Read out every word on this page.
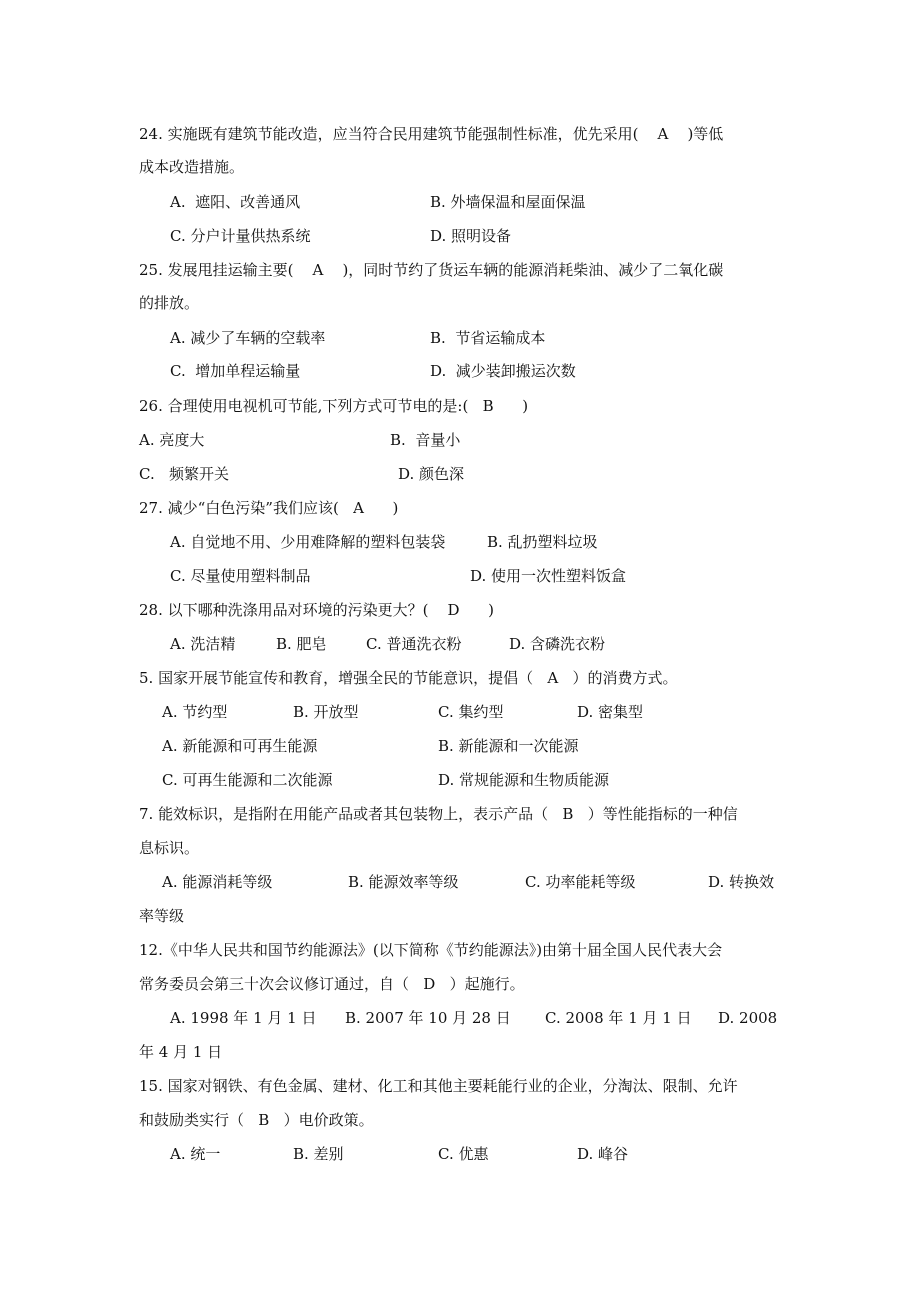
24. 实施既有建筑节能改造，应当符合民用建筑节能强制性标准，优先采用(    A    )等低
成本改造措施。
A.  遮阳、改善通风	B. 外墙保温和屋面保温
C. 分户计量供热系统	D. 照明设备
25. 发展甩挂运输主要(    A    )，同时节约了货运车辆的能源消耗柴油、减少了二氧化碳
的排放。
A. 减少了车辆的空载率	B.  节省运输成本
C.  增加单程运输量	D.  减少装卸搬运次数
26. 合理使用电视机可节能,下列方式可节电的是:(   B      )
A. 亮度大	B.  音量小
C.   频繁开关	D. 颜色深
27. 减少“白色污染”我们应该(   A      )
A. 自觉地不用、少用难降解的塑料包装袋	B. 乱扔塑料垃圾
C. 尽量使用塑料制品	D. 使用一次性塑料饭盒
28. 以下哪种洗涤用品对环境的污染更大？(    D      )
A. 洗洁精	B. 肥皂	C. 普通洗衣粉	D. 含磷洗衣粉
5. 国家开展节能宣传和教育，增强全民的节能意识，提倡（   A   ）的消费方式。
A. 节约型	B. 开放型	C. 集约型	D. 密集型
A. 新能源和可再生能源	B. 新能源和一次能源
C. 可再生能源和二次能源	D. 常规能源和生物质能源
7. 能效标识，是指附在用能产品或者其包装物上，表示产品（   B   ）等性能指标的一种信
息标识。
A. 能源消耗等级	B. 能源效率等级	C. 功率能耗等级	D. 转换效
率等级
12.《中华人民共和国节约能源法》(以下简称《节约能源法》)由第十届全国人民代表大会
常务委员会第三十次会议修订通过，自（   D   ）起施行。
A. 1998 年 1 月 1 日 B. 2007 年 10 月 28 日 C. 2008 年 1 月 1 日 D. 2008
年 4 月 1 日
15. 国家对钢铁、有色金属、建材、化工和其他主要耗能行业的企业，分淘汰、限制、允许
和鼓励类实行（   B   ）电价政策。
A. 统一	B. 差别	C. 优惠	D. 峰谷
